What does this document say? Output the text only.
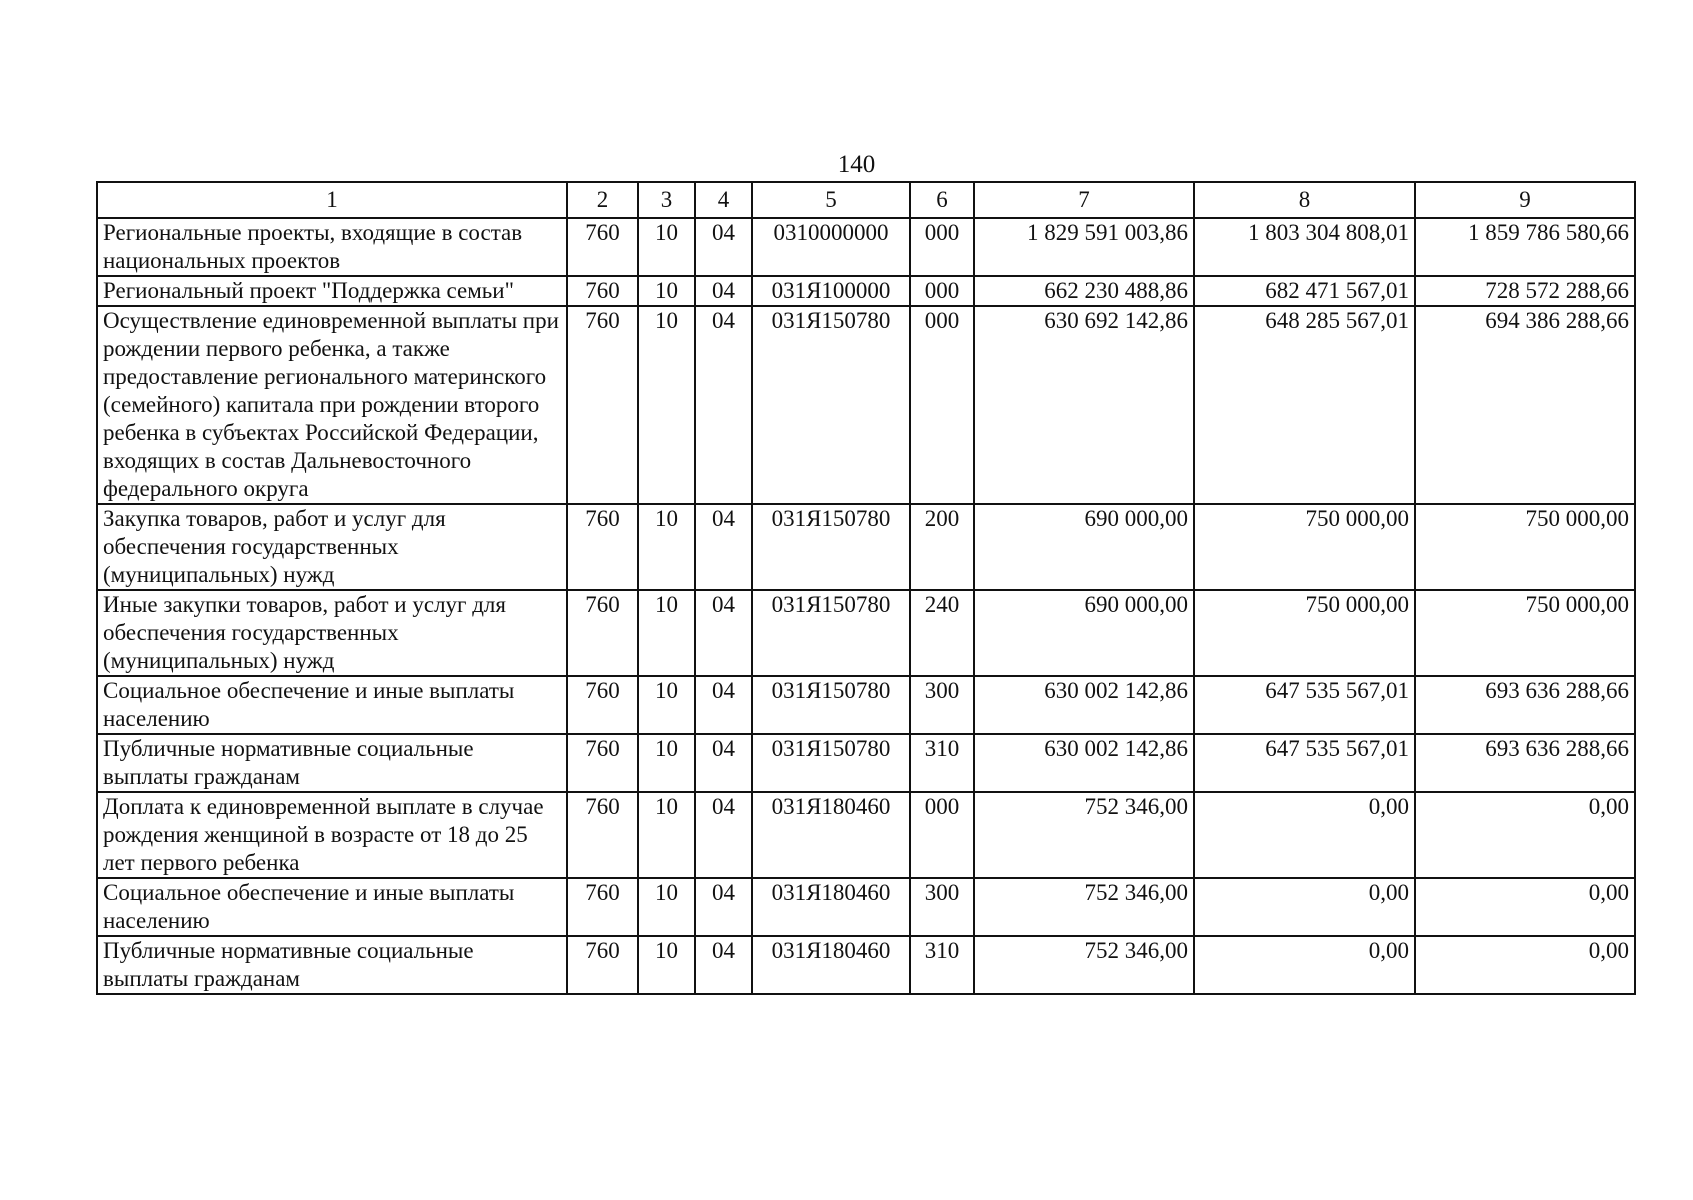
140
1	2	3	4	5	6	7	8	9
Региональные проекты, входящие в состав национальных проектов	760	10	04	0310000000	000	1 829 591 003,86	1 803 304 808,01	1 859 786 580,66
Региональный проект "Поддержка семьи"	760	10	04	031Я100000	000	662 230 488,86	682 471 567,01	728 572 288,66
Осуществление единовременной выплаты при рождении первого ребенка, а также предоставление регионального материнского (семейного) капитала при рождении второго ребенка в субъектах Российской Федерации, входящих в состав Дальневосточного федерального округа	760	10	04	031Я150780	000	630 692 142,86	648 285 567,01	694 386 288,66
Закупка товаров, работ и услуг для обеспечения государственных (муниципальных) нужд	760	10	04	031Я150780	200	690 000,00	750 000,00	750 000,00
Иные закупки товаров, работ и услуг для обеспечения государственных (муниципальных) нужд	760	10	04	031Я150780	240	690 000,00	750 000,00	750 000,00
Социальное обеспечение и иные выплаты населению	760	10	04	031Я150780	300	630 002 142,86	647 535 567,01	693 636 288,66
Публичные нормативные социальные выплаты гражданам	760	10	04	031Я150780	310	630 002 142,86	647 535 567,01	693 636 288,66
Доплата к единовременной выплате в случае рождения женщиной в возрасте от 18 до 25 лет первого ребенка	760	10	04	031Я180460	000	752 346,00	0,00	0,00
Социальное обеспечение и иные выплаты населению	760	10	04	031Я180460	300	752 346,00	0,00	0,00
Публичные нормативные социальные выплаты гражданам	760	10	04	031Я180460	310	752 346,00	0,00	0,00
